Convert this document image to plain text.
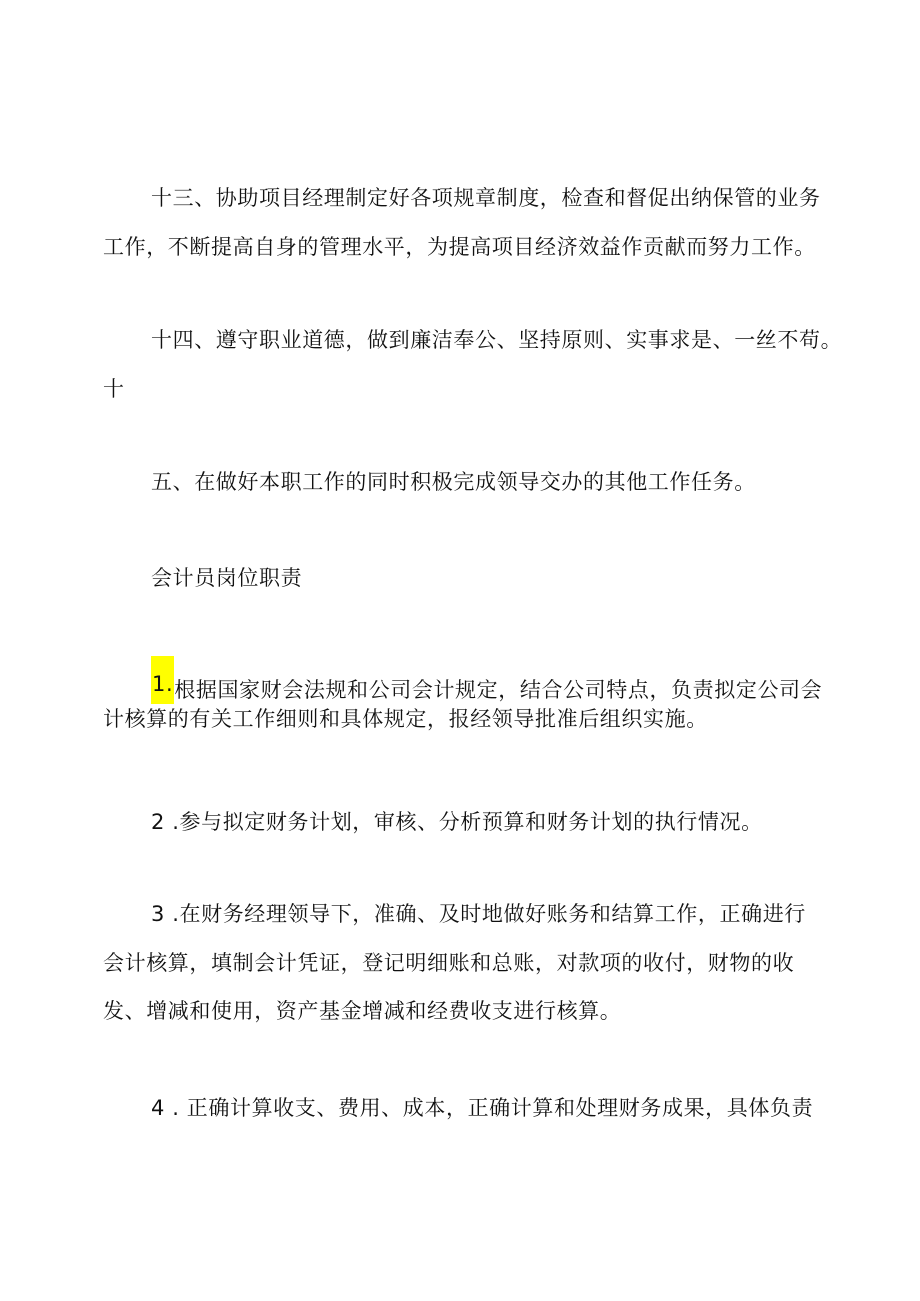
十三、协助项目经理制定好各项规章制度，检查和督促出纳保管的业务
工作，不断提高自身的管理水平，为提高项目经济效益作贡献而努力工作。
十四、遵守职业道德，做到廉洁奉公、坚持原则、实事求是、一丝不苟。
十
五、在做好本职工作的同时积极完成领导交办的其他工作任务。
会计员岗位职责
1.根据国家财会法规和公司会计规定，结合公司特点，负责拟定公司会
计核算的有关工作细则和具体规定，报经领导批准后组织实施。
2 .参与拟定财务计划，审核、分析预算和财务计划的执行情况。
3 .在财务经理领导下，准确、及时地做好账务和结算工作，正确进行
会计核算，填制会计凭证，登记明细账和总账，对款项的收付，财物的收
发、增减和使用，资产基金增减和经费收支进行核算。
4 . 正确计算收支、费用、成本，正确计算和处理财务成果，具体负责
